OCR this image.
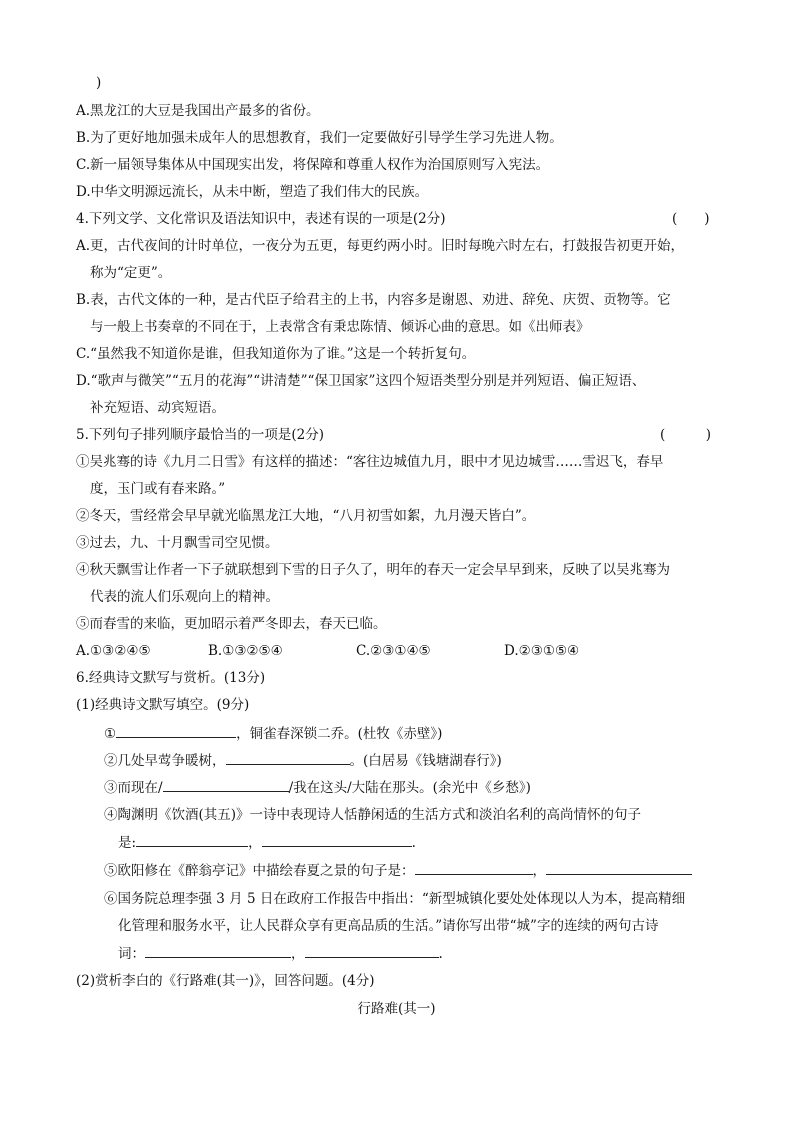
)
A.黑龙江的大豆是我国出产最多的省份。
B.为了更好地加强未成年人的思想教育，我们一定要做好引导学生学习先进人物。
C.新一届领导集体从中国现实出发，将保障和尊重人权作为治国原则写入宪法。
D.中华文明源远流长，从未中断，塑造了我们伟大的民族。
4.下列文学、文化常识及语法知识中，表述有误的一项是(2分)	(　　)
A.更，古代夜间的计时单位，一夜分为五更，每更约两小时。旧时每晚六时左右，打鼓报告初更开始，
称为“定更”。
B.表，古代文体的一种，是古代臣子给君主的上书，内容多是谢恩、劝进、辞免、庆贺、贡物等。它
与一般上书奏章的不同在于，上表常含有秉忠陈情、倾诉心曲的意思。如《出师表》
C.“虽然我不知道你是谁，但我知道你为了谁。”这是一个转折复句。
D.“歌声与微笑”“五月的花海”“讲清楚”“保卫国家”这四个短语类型分别是并列短语、偏正短语、
补充短语、动宾短语。
5.下列句子排列顺序最恰当的一项是(2分)	(　　　)
①吴兆骞的诗《九月二日雪》有这样的描述：“客往边城值九月，眼中才见边城雪……雪迟飞，春早
度，玉门或有春来路。”
②冬天，雪经常会早早就光临黑龙江大地，“八月初雪如絮，九月漫天皆白”。
③过去，九、十月飘雪司空见惯。
④秋天飘雪让作者一下子就联想到下雪的日子久了，明年的春天一定会早早到来，反映了以吴兆骞为
代表的流人们乐观向上的精神。
⑤而春雪的来临，更加昭示着严冬即去，春天已临。
A.①③②④⑤	B.①③②⑤④	C.②③①④⑤	D.②③①⑤④
6.经典诗文默写与赏析。(13分)
(1)经典诗文默写填空。(9分)
①	，铜雀春深锁二乔。(杜牧《赤壁》)
②几处早莺争暖树，	。(白居易《钱塘湖春行》)
③而现在/	/我在这头/大陆在那头。(余光中《乡愁》)
④陶渊明《饮酒(其五)》一诗中表现诗人恬静闲适的生活方式和淡泊名利的高尚情怀的句子
是:	，	.
⑤欧阳修在《醉翁亭记》中描绘春夏之景的句子是：	，
⑥国务院总理李强 3 月 5 日在政府工作报告中指出：“新型城镇化要处处体现以人为本，提高精细
化管理和服务水平，让人民群众享有更高品质的生活。”请你写出带“城”字的连续的两句古诗
词：	，	.
(2)赏析李白的《行路难(其一)》，回答问题。(4分)
行路难(其一)
